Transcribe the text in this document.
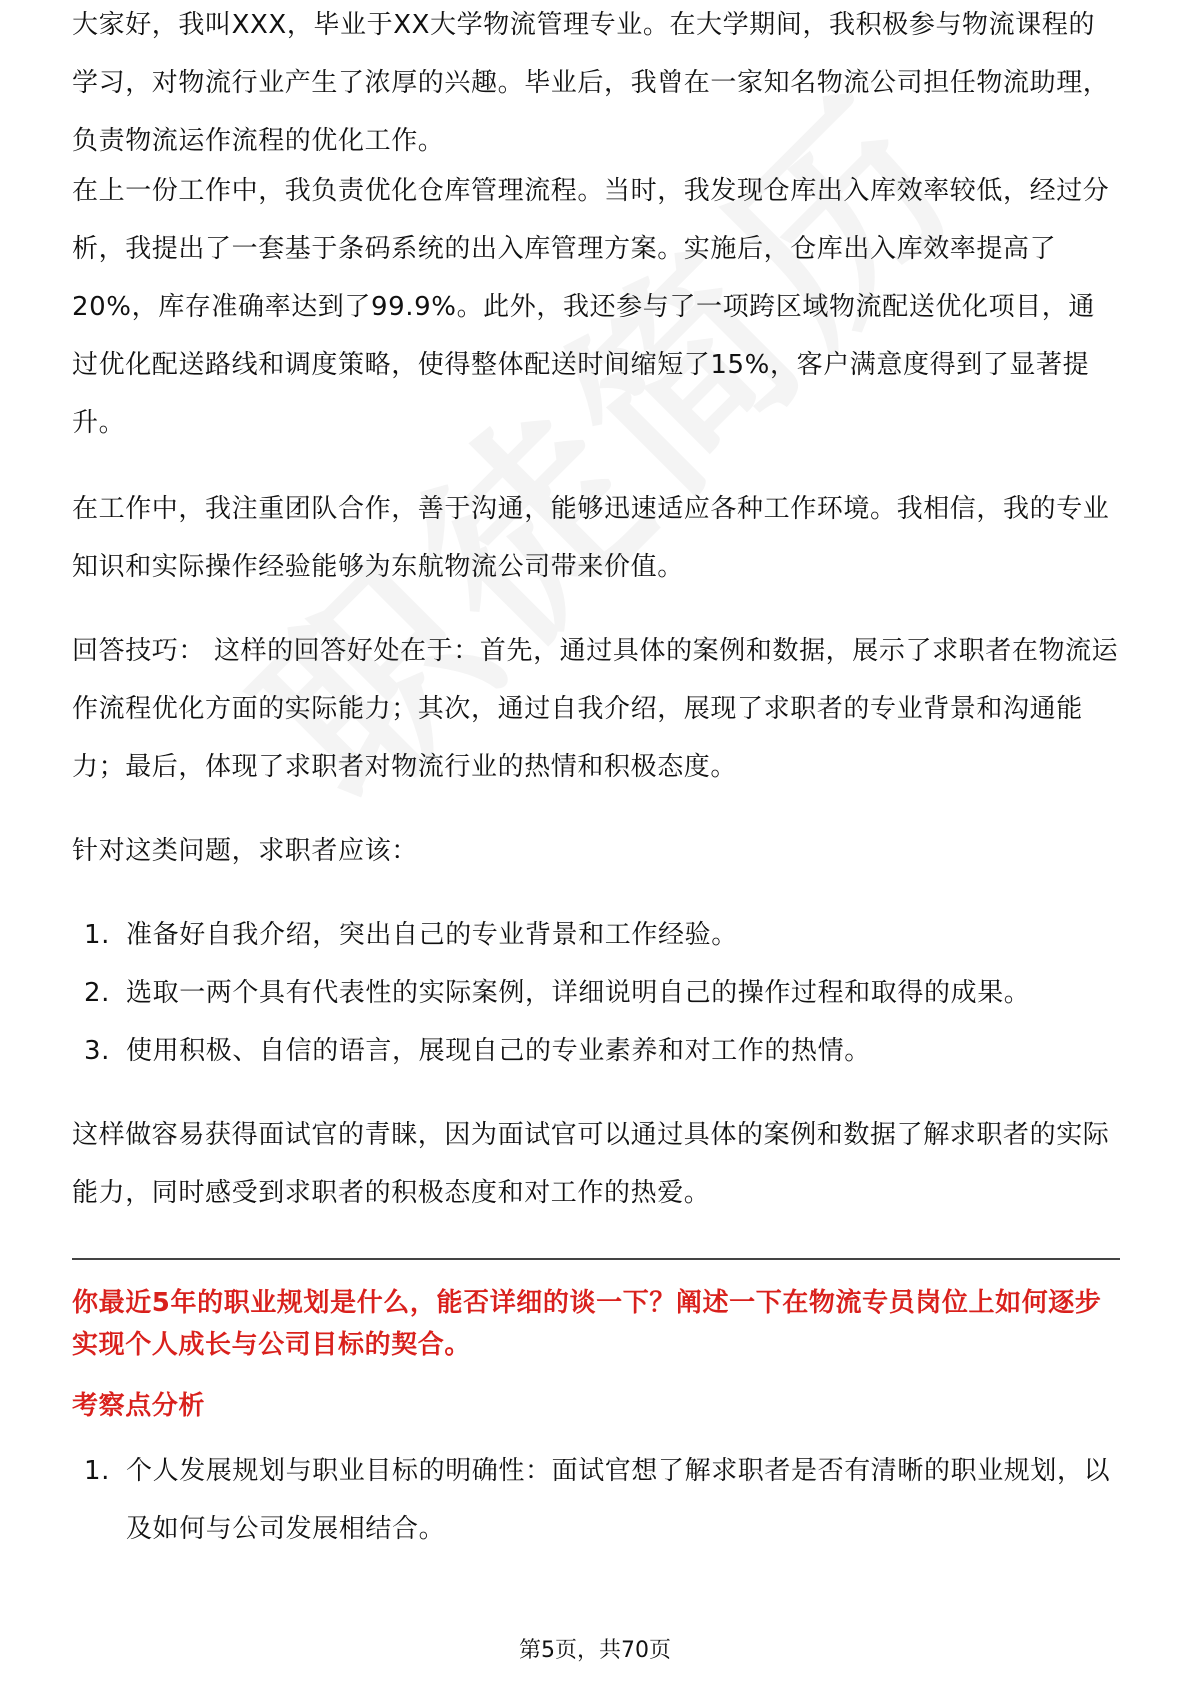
大家好，我叫XXX，毕业于XX大学物流管理专业。在大学期间，我积极参与物流课程的学习，对物流行业产生了浓厚的兴趣。毕业后，我曾在一家知名物流公司担任物流助理，负责物流运作流程的优化工作。

在上一份工作中，我负责优化仓库管理流程。当时，我发现仓库出入库效率较低，经过分析，我提出了一套基于条码系统的出入库管理方案。实施后，仓库出入库效率提高了20%，库存准确率达到了99.9%。此外，我还参与了一项跨区域物流配送优化项目，通过优化配送路线和调度策略，使得整体配送时间缩短了15%，客户满意度得到了显著提升。

在工作中，我注重团队合作，善于沟通，能够迅速适应各种工作环境。我相信，我的专业知识和实际操作经验能够为东航物流公司带来价值。

回答技巧： 这样的回答好处在于：首先，通过具体的案例和数据，展示了求职者在物流运作流程优化方面的实际能力；其次，通过自我介绍，展现了求职者的专业背景和沟通能力；最后，体现了求职者对物流行业的热情和积极态度。

针对这类问题，求职者应该：

1. 准备好自我介绍，突出自己的专业背景和工作经验。
2. 选取一两个具有代表性的实际案例，详细说明自己的操作过程和取得的成果。
3. 使用积极、自信的语言，展现自己的专业素养和对工作的热情。

这样做容易获得面试官的青睐，因为面试官可以通过具体的案例和数据了解求职者的实际能力，同时感受到求职者的积极态度和对工作的热爱。

你最近5年的职业规划是什么，能否详细的谈一下？阐述一下在物流专员岗位上如何逐步实现个人成长与公司目标的契合。

考察点分析

1. 个人发展规划与职业目标的明确性：面试官想了解求职者是否有清晰的职业规划，以及如何与公司发展相结合。
第5页，共70页
